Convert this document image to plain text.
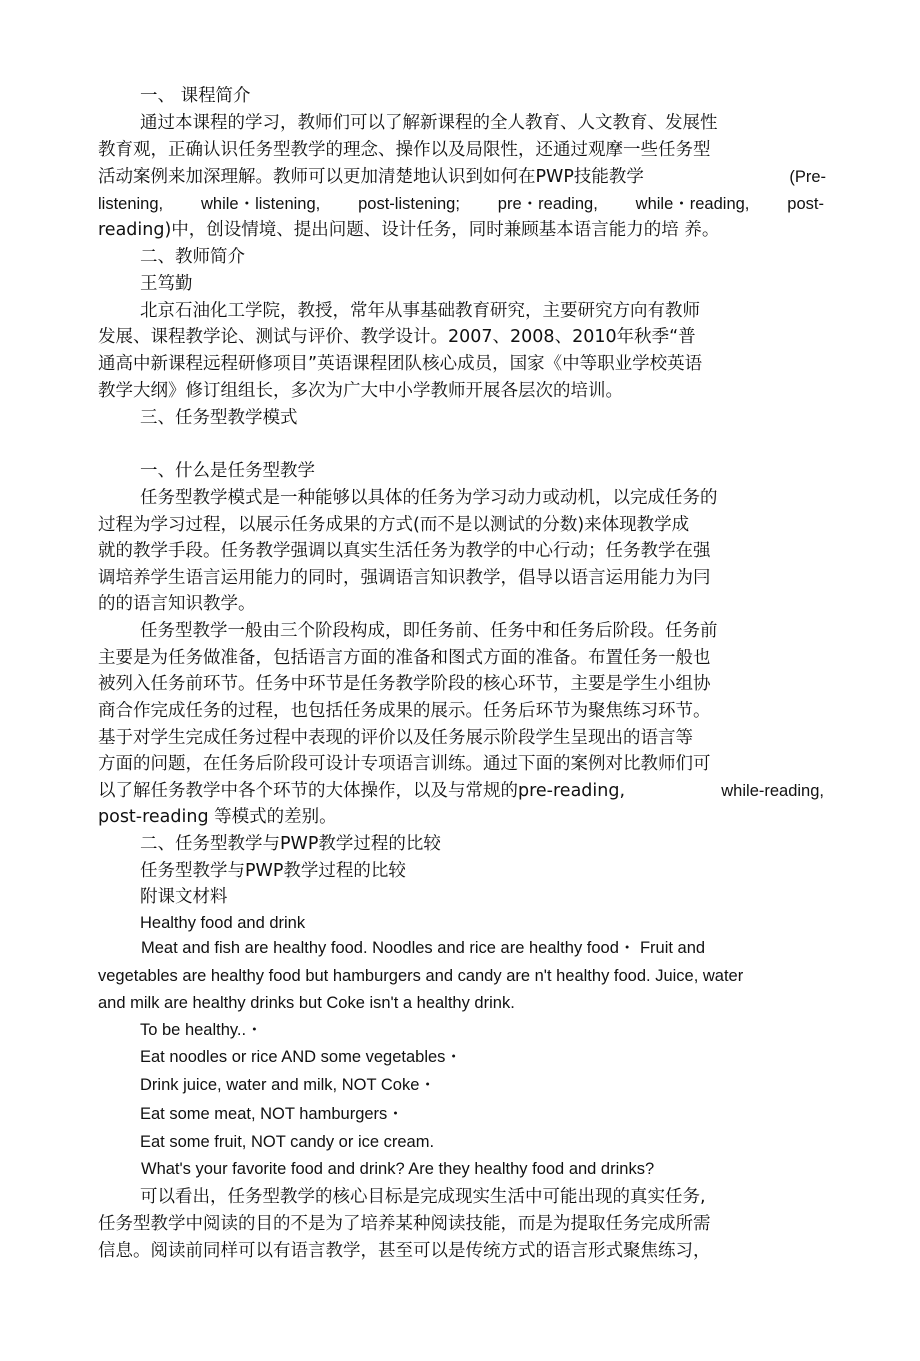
一、 课程简介
通过本课程的学习，教师们可以了解新课程的全人教育、人文教育、发展性
教育观，正确认识任务型教学的理念、操作以及局限性，还通过观摩一些任务型
活动案例来加深理解。教师可以更加清楚地认识到如何在PWP技能教学	(Pre-
listening, while・listening, post-listening; pre・reading, while・reading, post-
reading)中，创设情境、提出问题、设计任务，同时兼顾基本语言能力的培 养。
二、教师简介
王笃勤
北京石油化工学院，教授，常年从事基础教育研究，主要研究方向有教师
发展、课程教学论、测试与评价、教学设计。2007、2008、2010年秋季“普
通高中新课程远程研修项目”英语课程团队核心成员，国家《中等职业学校英语
教学大纲》修订组组长，多次为广大中小学教师开展各层次的培训。
三、任务型教学模式
一、什么是任务型教学
任务型教学模式是一种能够以具体的任务为学习动力或动机，以完成任务的
过程为学习过程，以展示任务成果的方式(而不是以测试的分数)来体现教学成
就的教学手段。任务教学强调以真实生活任务为教学的中心行动；任务教学在强
调培养学生语言运用能力的同时，强调语言知识教学，倡导以语言运用能力为冃
的的语言知识教学。
任务型教学一般由三个阶段构成，即任务前、任务中和任务后阶段。任务前
主要是为任务做准备，包括语言方面的准备和图式方面的准备。布置任务一般也
被列入任务前环节。任务中环节是任务教学阶段的核心环节，主要是学生小组协
商合作完成任务的过程，也包括任务成果的展示。任务后环节为聚焦练习环节。
基于对学生完成任务过程中表现的评价以及任务展示阶段学生呈现出的语言等
方面的问题，在任务后阶段可设计专项语言训练。通过下面的案例对比教师们可
以了解任务教学中各个环节的大体操作，以及与常规的pre-reading,	while-reading,
post-reading 等模式的差别。
二、任务型教学与PWP教学过程的比较
任务型教学与PWP教学过程的比较
附课文材料
Healthy food and drink
Meat and fish are healthy food. Noodles and rice are healthy food・ Fruit and
vegetables are healthy food but hamburgers and candy are n't healthy food. Juice, water
and milk are healthy drinks but Coke isn't a healthy drink.
To be healthy..・
Eat noodles or rice AND some vegetables・
Drink juice, water and milk, NOT Coke・
Eat some meat, NOT hamburgers・
Eat some fruit, NOT candy or ice cream.
What's your favorite food and drink? Are they healthy food and drinks?
可以看出，任务型教学的核心目标是完成现实生活中可能出现的真实任务,
任务型教学中阅读的目的不是为了培养某种阅读技能，而是为提取任务完成所需
信息。阅读前同样可以有语言教学，甚至可以是传统方式的语言形式聚焦练习，
